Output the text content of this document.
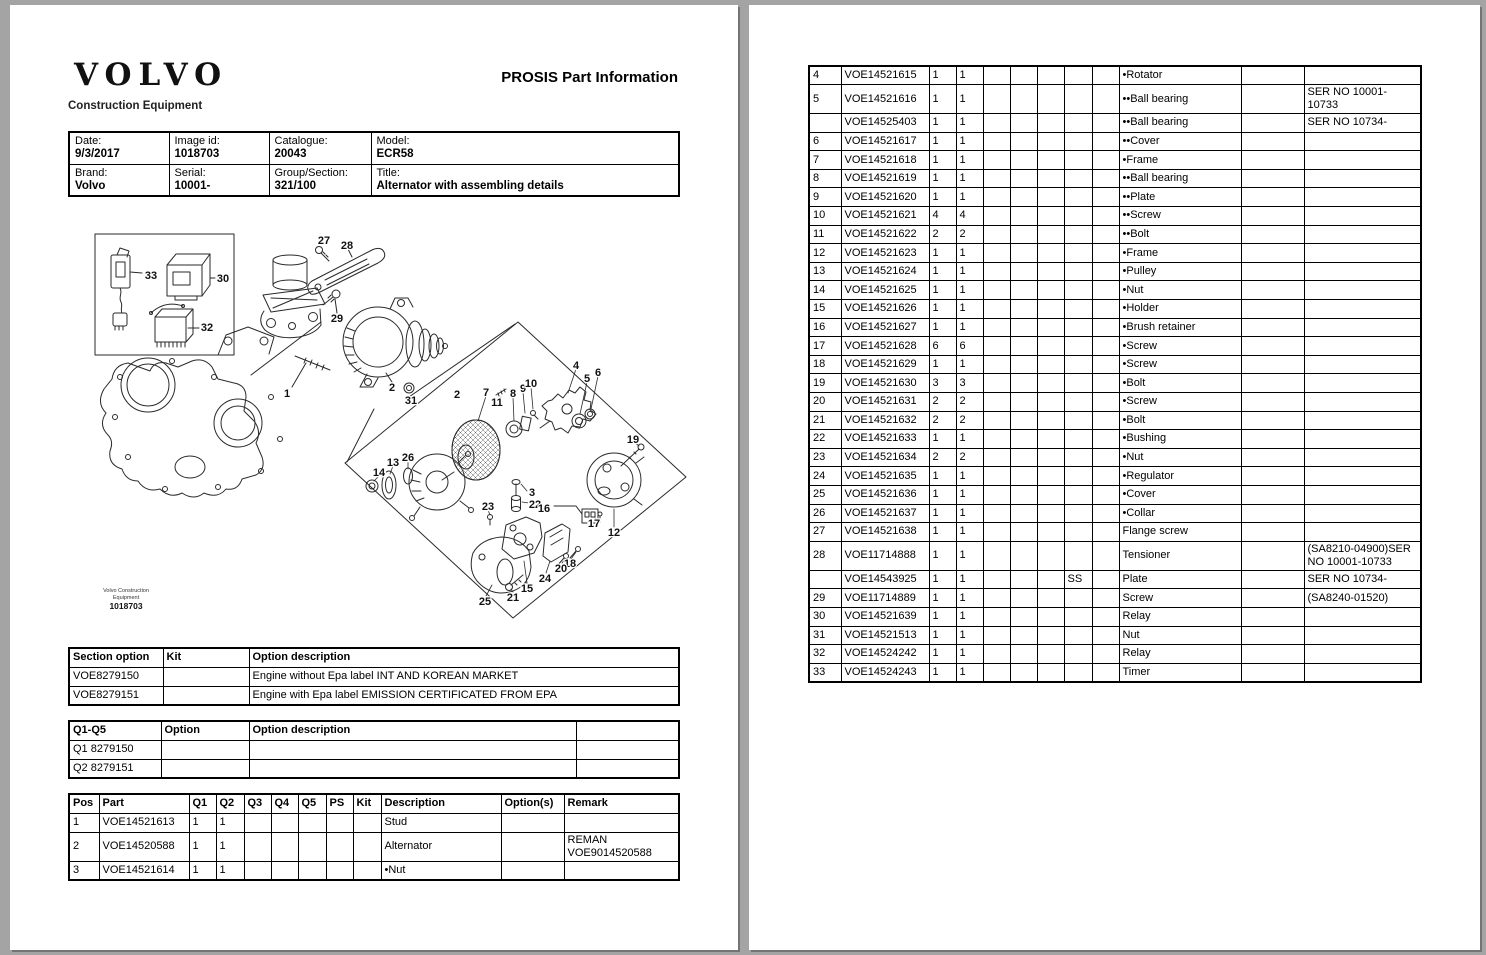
VOLVO
Construction Equipment
PROSIS Part Information
Date:
9/3/2017

Image id:
1018703

Catalogue:
20043

Model:
ECR58

Brand:
Volvo

Serial:
10001-

Group/Section:
321/100

Title:
Alternator with assembling details
33	30
32
27 28
29
1	2
31	2 7
11
8 9
10
4
5 6
19
14
13 26
3
22
16
23
17
12
18
20
24
15
21
25
Volvo Construction
Equipment
1018703
Section option	Kit	Option description
VOE8279150		Engine without Epa label INT AND KOREAN MARKET
VOE8279151		Engine with Epa label EMISSION CERTIFICATED FROM EPA
Q1-Q5	Option	Option description	
Q1 8279150			
Q2 8279151			
Pos	Part	Q1	Q2	Q3	Q4	Q5	PS	Kit	Description	Option(s)	Remark
1	VOE14521613	1	1						Stud		
2	VOE14520588	1	1						Alternator		REMAN VOE9014520588
3	VOE14521614	1	1						•Nut		
4	VOE14521615	1	1						•Rotator		
5	VOE14521616	1	1						••Ball bearing		SER NO 10001-10733
	VOE14525403	1	1						••Ball bearing		SER NO 10734-
6	VOE14521617	1	1						••Cover		
7	VOE14521618	1	1						•Frame		
8	VOE14521619	1	1						••Ball bearing		
9	VOE14521620	1	1						••Plate		
10	VOE14521621	4	4						••Screw		
11	VOE14521622	2	2						••Bolt		
12	VOE14521623	1	1						•Frame		
13	VOE14521624	1	1						•Pulley		
14	VOE14521625	1	1						•Nut		
15	VOE14521626	1	1						•Holder		
16	VOE14521627	1	1						•Brush retainer		
17	VOE14521628	6	6						•Screw		
18	VOE14521629	1	1						•Screw		
19	VOE14521630	3	3						•Bolt		
20	VOE14521631	2	2						•Screw		
21	VOE14521632	2	2						•Bolt		
22	VOE14521633	1	1						•Bushing		
23	VOE14521634	2	2						•Nut		
24	VOE14521635	1	1						•Regulator		
25	VOE14521636	1	1						•Cover		
26	VOE14521637	1	1						•Collar		
27	VOE14521638	1	1						Flange screw		
28	VOE11714888	1	1						Tensioner		(SA8210-04900)SER NO 10001-10733
	VOE14543925	1	1				SS		Plate		SER NO 10734-
29	VOE11714889	1	1						Screw		(SA8240-01520)
30	VOE14521639	1	1						Relay		
31	VOE14521513	1	1						Nut		
32	VOE14524242	1	1						Relay		
33	VOE14524243	1	1						Timer		
